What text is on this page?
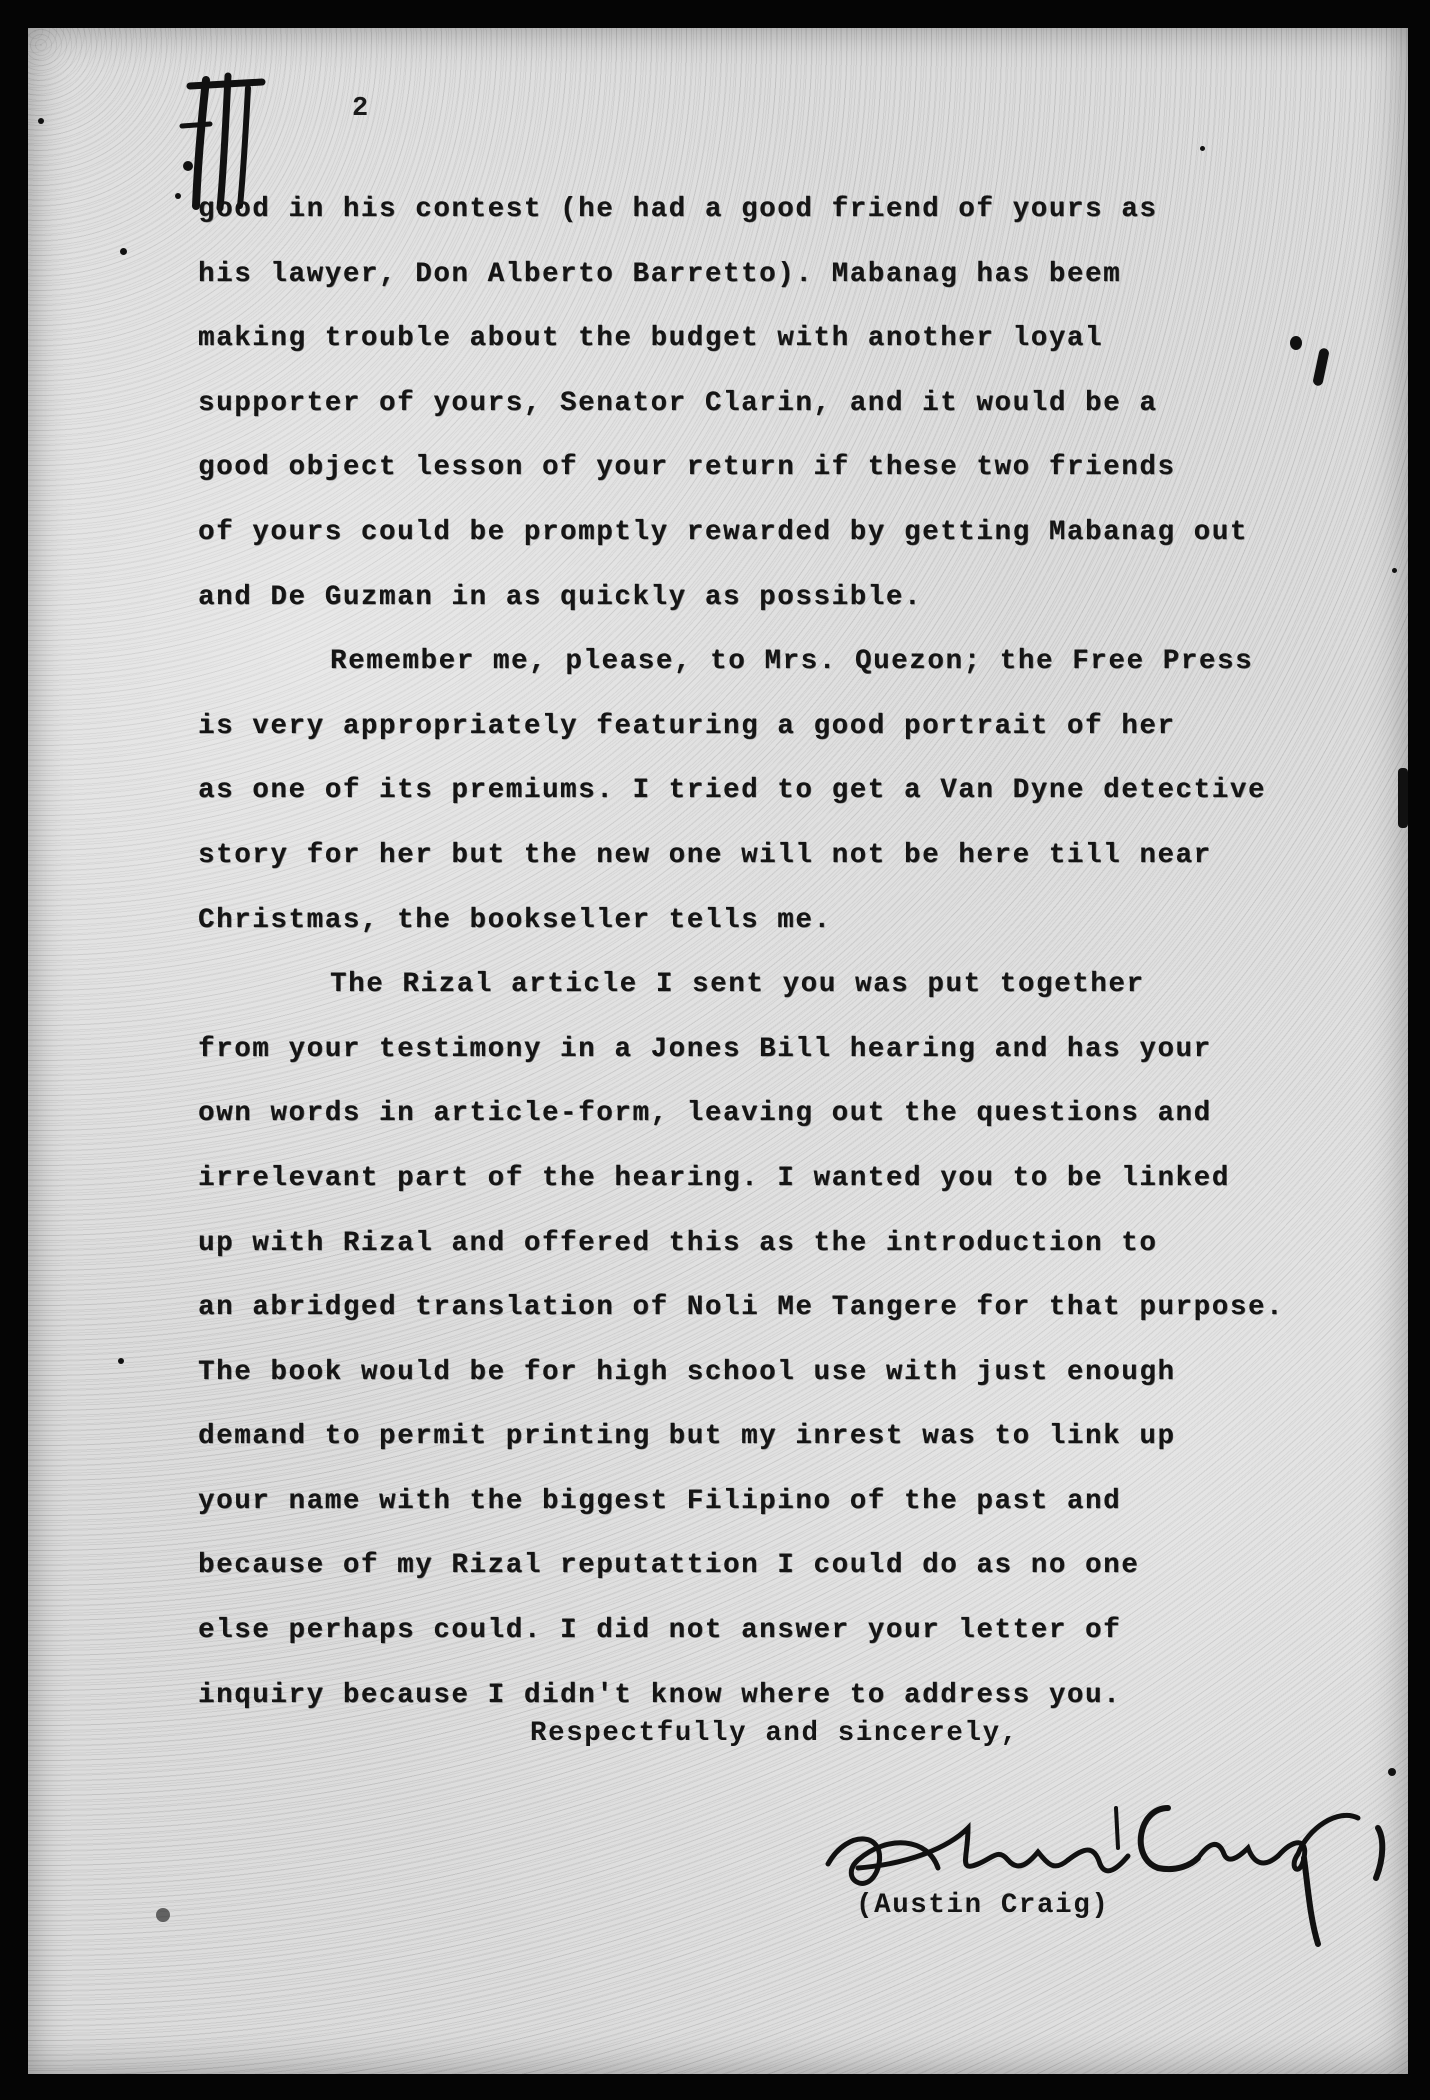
2
good in his contest (he had a good friend of yours as
his lawyer, Don Alberto Barretto). Mabanag has beem
making trouble about the budget with another loyal
supporter of yours, Senator Clarin, and it would be a
good object lesson of your return if these two friends
of yours could be promptly rewarded by getting Mabanag out
and De Guzman in as quickly as possible.
Remember me, please, to Mrs. Quezon; the Free Press
is very appropriately featuring a good portrait of her
as one of its premiums. I tried to get a Van Dyne detective
story for her but the new one will not be here till near
Christmas, the bookseller tells me.
The Rizal article I sent you was put together
from your testimony in a Jones Bill hearing and has your
own words in article-form, leaving out the questions and
irrelevant part of the hearing. I wanted you to be linked
up with Rizal and offered this as the introduction to
an abridged translation of Noli Me Tangere for that purpose.
The book would be for high school use with just enough
demand to permit printing but my inrest was to link up
your name with the biggest Filipino of the past and
because of my Rizal reputattion I could do as no one
else perhaps could. I did not answer your letter of
inquiry because I didn't know where to address you.
Respectfully and sincerely,
(Austin Craig)
